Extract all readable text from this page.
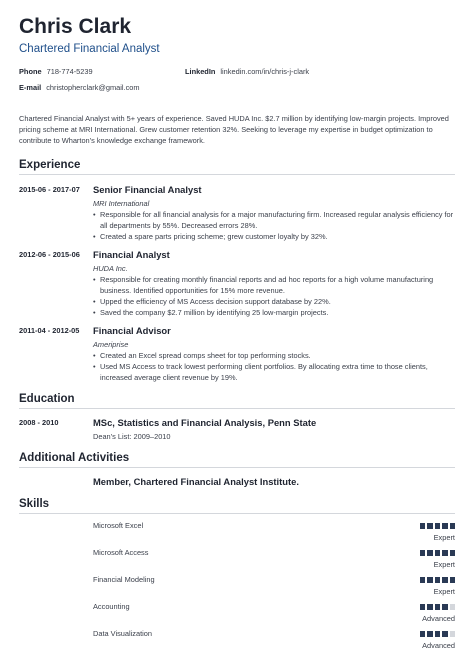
Chris Clark
Chartered Financial Analyst
Phone 718-774-5239	LinkedIn linkedin.com/in/chris-j-clark
E-mail christopherclark@gmail.com
Chartered Financial Analyst with 5+ years of experience. Saved HUDA Inc. $2.7 million by identifying low-margin projects. Improved pricing scheme at MRI International. Grew customer retention 32%. Seeking to leverage my expertise in budget optimization to contribute to Wharton’s knowledge exchange framework.
Experience
2015-06 - 2017-07 Senior Financial Analyst
MRI International
• Responsible for all financial analysis for a major manufacturing firm. Increased regular analysis efficiency for all departments by 55%. Decreased errors 28%.
• Created a spare parts pricing scheme; grew customer loyalty by 32%.
2012-06 - 2015-06 Financial Analyst
HUDA Inc.
• Responsible for creating monthly financial reports and ad hoc reports for a high volume manufacturing business. Identified opportunities for 15% more revenue.
• Upped the efficiency of MS Access decision support database by 22%.
• Saved the company $2.7 million by identifying 25 low-margin projects.
2011-04 - 2012-05 Financial Advisor
Ameriprise
• Created an Excel spread comps sheet for top performing stocks.
• Used MS Access to track lowest performing client portfolios. By allocating extra time to those clients, increased average client revenue by 19%.
Education
2008 - 2010	MSc, Statistics and Financial Analysis, Penn State
Dean’s List: 2009–2010
Additional Activities
Member, Chartered Financial Analyst Institute.
Skills
Microsoft Excel
Expert
Microsoft Access
Expert
Financial Modeling
Expert
Accounting
Advanced
Data Visualization
Advanced
